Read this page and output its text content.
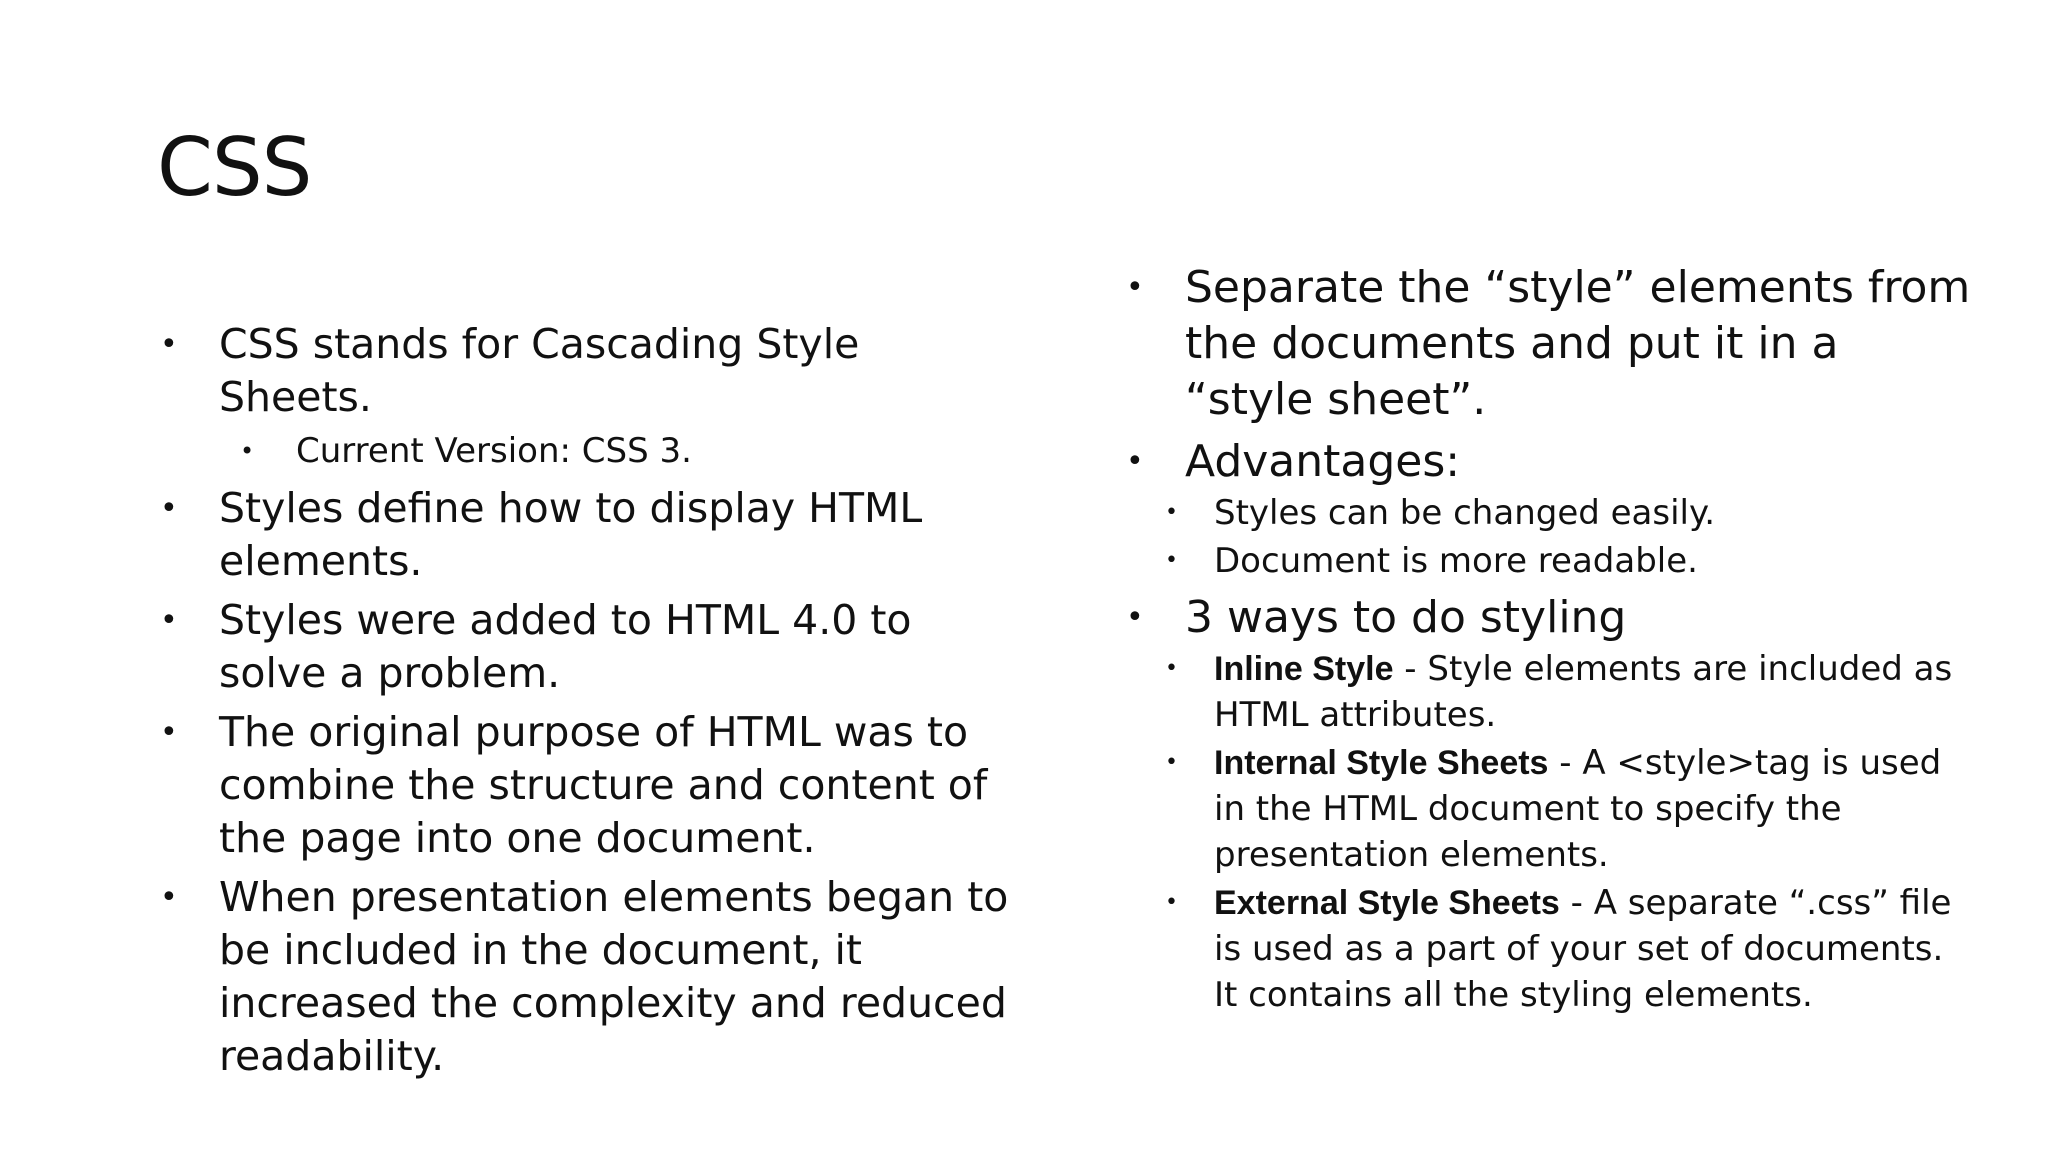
CSS
• CSS stands for Cascading Style Sheets.
• Current Version: CSS 3.
• Styles define how to display HTML elements.
• Styles were added to HTML 4.0 to solve a problem.
• The original purpose of HTML was to combine the structure and content of the page into one document.
• When presentation elements began to be included in the document, it increased the complexity and reduced readability.
• Separate the “style” elements from the documents and put it in a “style sheet”.
• Advantages:
• Styles can be changed easily.
• Document is more readable.
• 3 ways to do styling
• Inline Style - Style elements are included as HTML attributes.
• Internal Style Sheets - A <style>tag is used in the HTML document to specify the presentation elements.
• External Style Sheets - A separate “.css” file is used as a part of your set of documents. It contains all the styling elements.
